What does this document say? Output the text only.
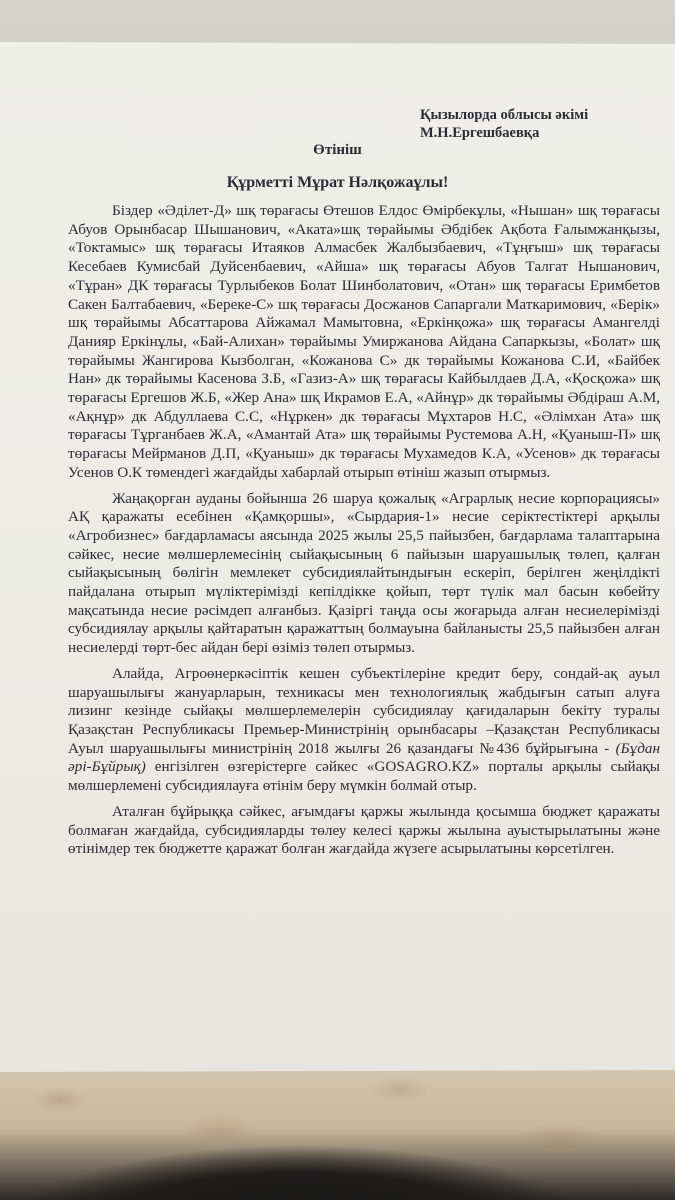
Қызылорда облысы әкімі
М.Н.Ергешбаевқа
Өтініш
Құрметті Мұрат Нәлқожаұлы!

Біздер «Әділет-Д» шқ төрағасы Өтешов Елдос Өмірбекұлы, «Нышан» шқ төрағасы Абуов Орынбасар Шышанович, «Аката»шқ төрайымы Әбдібек Ақбота Ғалымжанқызы, «Токтамыс» шқ төрағасы Итаяков Алмасбек Жалбызбаевич, «Тұңғыш» шқ төрағасы Кесебаев Кумисбай Дуйсенбаевич, «Айша» шқ төрағасы Абуов Талгат Нышанович, «Тұран» ДК төрағасы Турлыбеков Болат Шинболатович, «Отан» шқ төрағасы Еримбетов Сакен Балтабаевич, «Береке-С» шқ төрағасы Досжанов Сапаргали Маткаримович, «Берік» шқ төрайымы Абсаттарова Айжамал Мамытовна, «Еркінқожа» шқ төрағасы Амангелді Данияр Еркінұлы, «Бай-Алихан» төрайымы Умиржанова Айдана Сапаркызы, «Болат» шқ төрайымы Жангирова Кызболган, «Кожанова С» дк төрайымы Кожанова С.И, «Байбек Нан» дк төрайымы Касенова З.Б, «Газиз-А» шқ төрағасы Кайбылдаев Д.А, «Қосқожа» шқ төрағасы Ергешов Ж.Б, «Жер Ана» шқ Икрамов Е.А, «Айнұр» дк төрайымы Әбдіраш А.М, «Ақнұр» дк Абдуллаева С.С, «Нұркен» дк төрағасы Мұхтаров Н.С, «Әлімхан Ата» шқ төрағасы Тұрганбаев Ж.А, «Амантай Ата» шқ төрайымы Рустемова А.Н, «Қуаныш-П» шқ төрағасы Мейрманов Д.П, «Қуаныш» дк төрағасы Мухамедов К.А, «Усенов» дк төрағасы Усенов О.К төмендегі жағдайды хабарлай отырып өтініш жазып отырмыз.

Жаңақорған ауданы бойынша 26 шаруа қожалық «Аграрлық несие корпорациясы» АҚ қаражаты есебінен «Қамқоршы», «Сырдария-1» несие серіктестіктері арқылы «Агробизнес» бағдарламасы аясында 2025 жылы 25,5 пайызбен, бағдарлама талаптарына сәйкес, несие мөлшерлемесінің сыйақысының 6 пайызын шаруашылық төлеп, қалған сыйақысының бөлігін мемлекет субсидиялайтындығын ескеріп, берілген жеңілдікті пайдалана отырып мүліктерімізді кепілдікке қойып, төрт түлік мал басын көбейту мақсатында несие рәсімдеп алғанбыз. Қазіргі таңда осы жоғарыда алған несиелерімізді субсидиялау арқылы қайтаратын қаражаттың болмауына байланысты 25,5 пайызбен алған несиелерді төрт-бес айдан бері өзіміз төлеп отырмыз.

Алайда, Агроөнеркәсіптік кешен субъектілеріне кредит беру, сондай-ақ ауыл шаруашылығы жануарларын, техникасы мен технологиялық жабдығын сатып алуға лизинг кезінде сыйақы мөлшерлемелерін субсидиялау қағидаларын бекіту туралы Қазақстан Республикасы Премьер-Министрінің орынбасары –Қазақстан Республикасы Ауыл шаруашылығы министрінің 2018 жылғы 26 қазандағы №436 бұйрығына - (Бұдан әрі-Бұйрық) енгізілген өзгерістерге сәйкес «GOSAGRO.KZ» порталы арқылы сыйақы мөлшерлемені субсидиялауға өтінім беру мүмкін болмай отыр.

Аталған бұйрыққа сәйкес, ағымдағы қаржы жылында қосымша бюджет қаражаты болмаған жағдайда, субсидияларды төлеу келесі қаржы жылына ауыстырылатыны және өтінімдер тек бюджетте қаражат болған жағдайда жүзеге асырылатыны көрсетілген.
